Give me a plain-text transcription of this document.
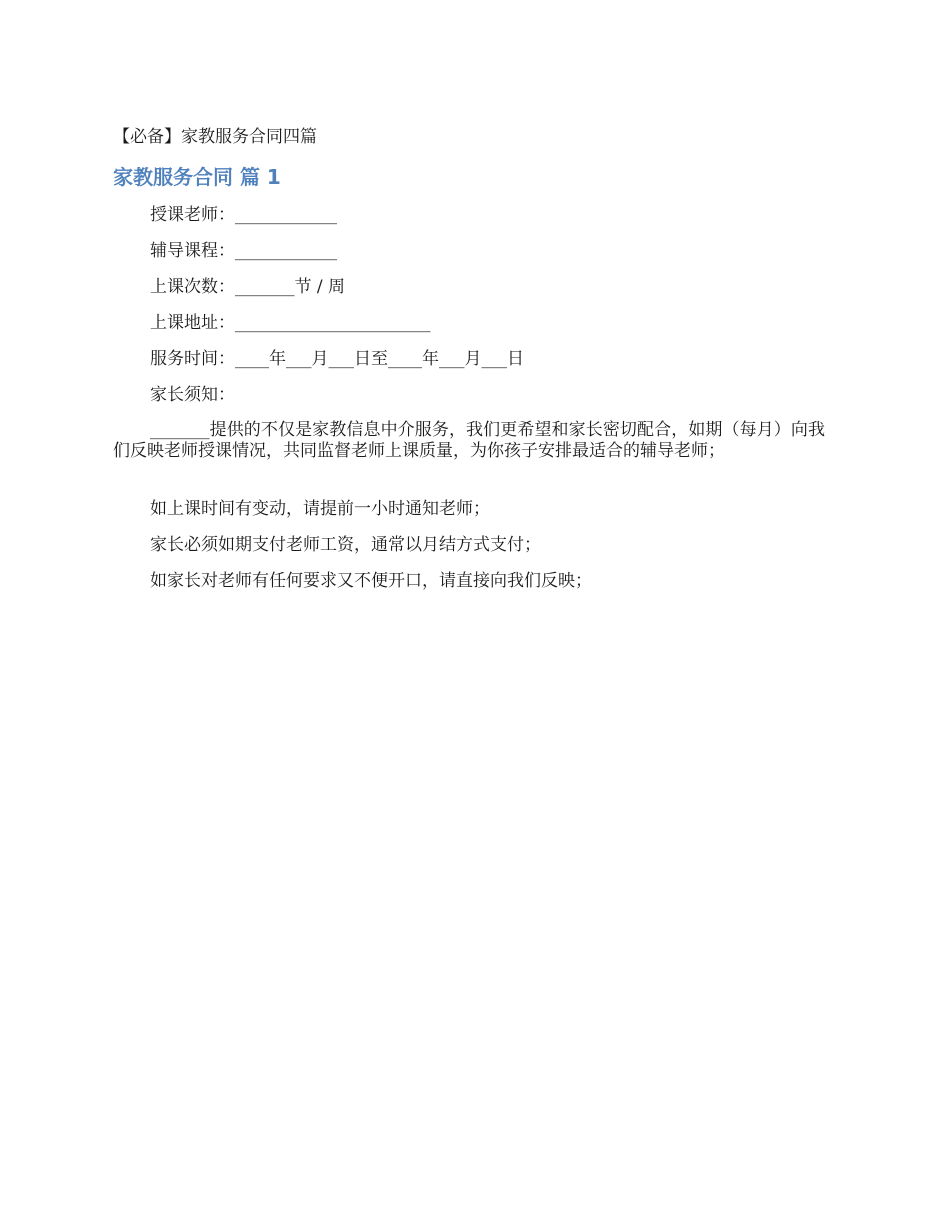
【必备】家教服务合同四篇
家教服务合同 篇 1
授课老师：____________
辅导课程：____________
上课次数：_______节 / 周
上课地址：_______________________
服务时间：____年___月___日至____年___月___日
家长须知：
_______提供的不仅是家教信息中介服务，我们更希望和家长密切配合，如期（每月）向我们反映老师授课情况，共同监督老师上课质量，为你孩子安排最适合的辅导老师；
如上课时间有变动，请提前一小时通知老师；
家长必须如期支付老师工资，通常以月结方式支付；
如家长对老师有任何要求又不便开口，请直接向我们反映；
